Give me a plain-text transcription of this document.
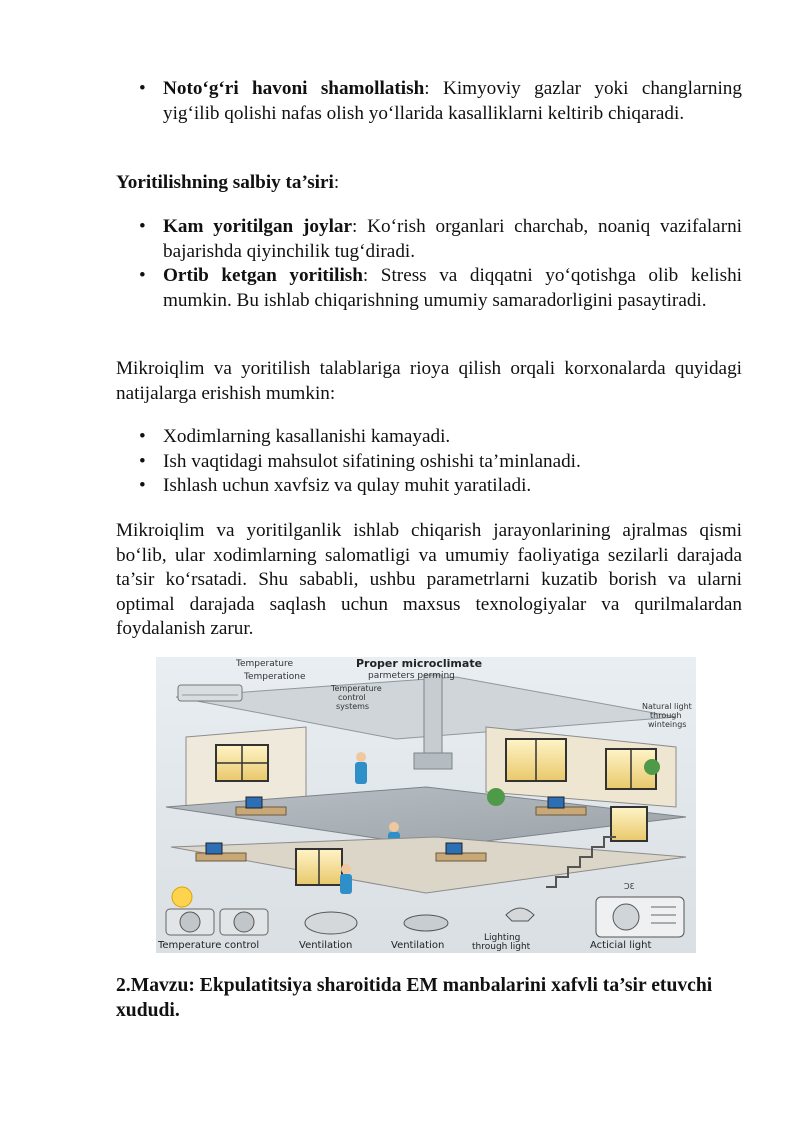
• Noto‘g‘ri havoni shamollatish: Kimyoviy gazlar yoki changlarning yig‘ilib qolishi nafas olish yo‘llarida kasalliklarni keltirib chiqaradi.

Yoritilishning salbiy ta’siri:

• Kam yoritilgan joylar: Ko‘rish organlari charchab, noaniq vazifalarni bajarishda qiyinchilik tug‘diradi.
• Ortib ketgan yoritilish: Stress va diqqatni yo‘qotishga olib kelishi mumkin. Bu ishlab chiqarishning umumiy samaradorligini pasaytiradi.

Mikroiqlim va yoritilish talablariga rioya qilish orqali korxonalarda quyidagi natijalarga erishish mumkin:

• Xodimlarning kasallanishi kamayadi.
• Ish vaqtidagi mahsulot sifatining oshishi ta’minlanadi.
• Ishlash uchun xavfsiz va qulay muhit yaratiladi.

Mikroiqlim va yoritilganlik ishlab chiqarish jarayonlarining ajralmas qismi bo‘lib, ular xodimlarning salomatligi va umumiy faoliyatiga sezilarli darajada ta’sir ko‘rsatadi. Shu sababli, ushbu parametrlarni kuzatib borish va ularni optimal darajada saqlash uchun maxsus texnologiyalar va qurilmalardan foydalanish zarur.

Proper microclimate
parmeters perming
Temperature
Temperatione
Temperature
control
systems	Natural light
through
winteings
ƆƐ
Temperature control	Ventilation	Ventilation
Lighting
through light	Acticial light

2.Mavzu: Ekpulatitsiya sharoitida EM manbalarini xafvli ta’sir etuvchi xududi.
